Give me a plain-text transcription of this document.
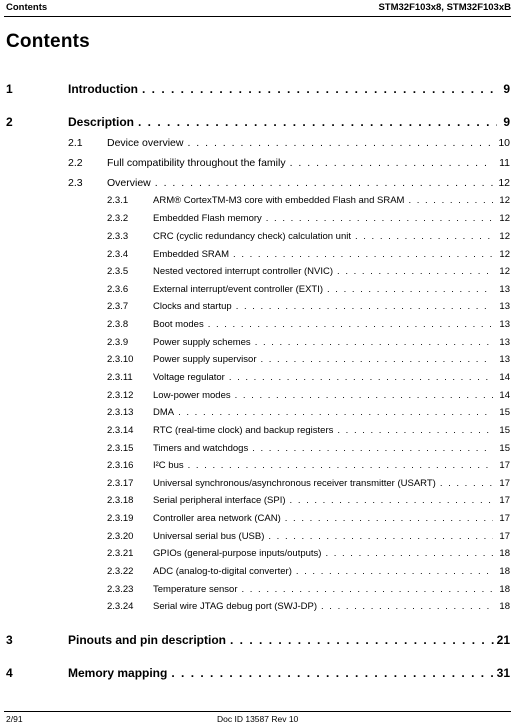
Contents	STM32F103x8, STM32F103xB
Contents
1	Introduction . . .	9
2	Description . . .	9
2.1 Device overview . . .	10
2.2 Full compatibility throughout the family . . .	11
2.3 Overview . . .	12
2.3.1	ARM® CortexTM-M3 core with embedded Flash and SRAM . . .	12
2.3.2	Embedded Flash memory . . .	12
2.3.3	CRC (cyclic redundancy check) calculation unit . . .	12
2.3.4	Embedded SRAM . . .	12
2.3.5	Nested vectored interrupt controller (NVIC) . . .	12
2.3.6	External interrupt/event controller (EXTI) . . .	13
2.3.7	Clocks and startup . . .	13
2.3.8	Boot modes . . .	13
2.3.9	Power supply schemes . . .	13
2.3.10 Power supply supervisor . . .	13
2.3.11 Voltage regulator . . .	14
2.3.12 Low-power modes . . .	14
2.3.13 DMA . . .	15
2.3.14 RTC (real-time clock) and backup registers . . .	15
2.3.15 Timers and watchdogs . . .	15
2.3.16 I²C bus . . .	17
2.3.17 Universal synchronous/asynchronous receiver transmitter (USART) . . .	17
2.3.18 Serial peripheral interface (SPI) . . .	17
2.3.19 Controller area network (CAN) . . .	17
2.3.20 Universal serial bus (USB) . . .	17
2.3.21 GPIOs (general-purpose inputs/outputs) . . .	18
2.3.22 ADC (analog-to-digital converter) . . .	18
2.3.23 Temperature sensor . . .	18
2.3.24 Serial wire JTAG debug port (SWJ-DP) . . .	18
3	Pinouts and pin description . . .	21
4	Memory mapping . . .	31
2/91	Doc ID 13587 Rev 10
